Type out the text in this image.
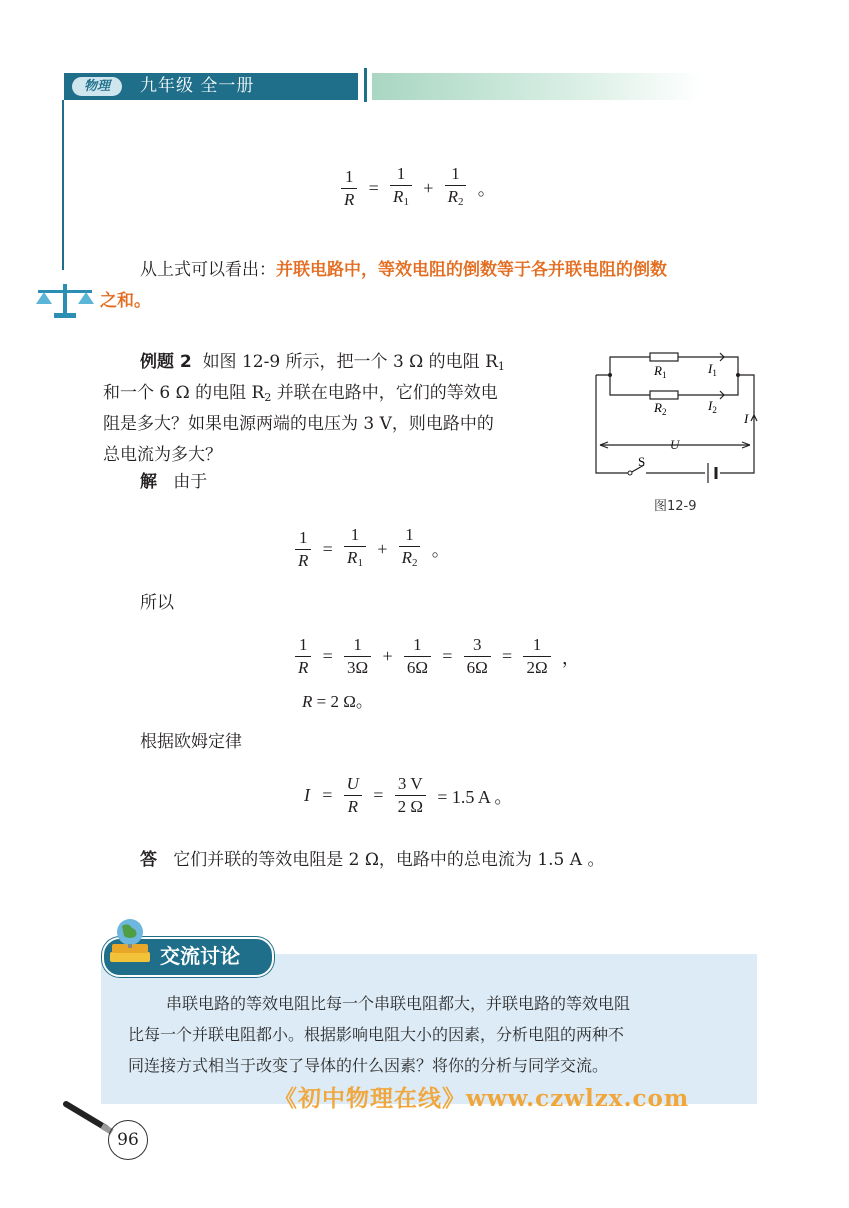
物理	九年级 全一册
$\frac{1}{R} = \frac{1}{R_1} + \frac{1}{R_2}$ 。
从上式可以看出：并联电路中，等效电阻的倒数等于各并联电阻的倒数
之和。
例题 2 如图 12-9 所示，把一个 3 Ω 的电阻 $R_1$
和一个 6 Ω 的电阻 $R_2$ 并联在电路中，它们的等效电
阻是多大？如果电源两端的电压为 3 V，则电路中的
总电流为多大？
$R_1$
$R_2$
$I_1$
$I_2$
I
U
S
图12-9
解 由于
$\frac{1}{R} = \frac{1}{R_1} + \frac{1}{R_2}$ 。
所以
$\frac{1}{R} = \frac{1}{3\Omega} + \frac{1}{6\Omega} = \frac{3}{6\Omega} = \frac{1}{2\Omega}$ ，
R = 2 Ω。
根据欧姆定律
$I = \frac{U}{R} = \frac{3 V}{2 \Omega} = 1.5$ A 。
答 它们并联的等效电阻是 2 Ω，电路中的总电流为 1.5 A 。
交流讨论
串联电路的等效电阻比每一个串联电阻都大，并联电路的等效电阻
比每一个并联电阻都小。根据影响电阻大小的因素，分析电阻的两种不
同连接方式相当于改变了导体的什么因素？将你的分析与同学交流。
《初中物理在线》www.czwlzx.com
96
